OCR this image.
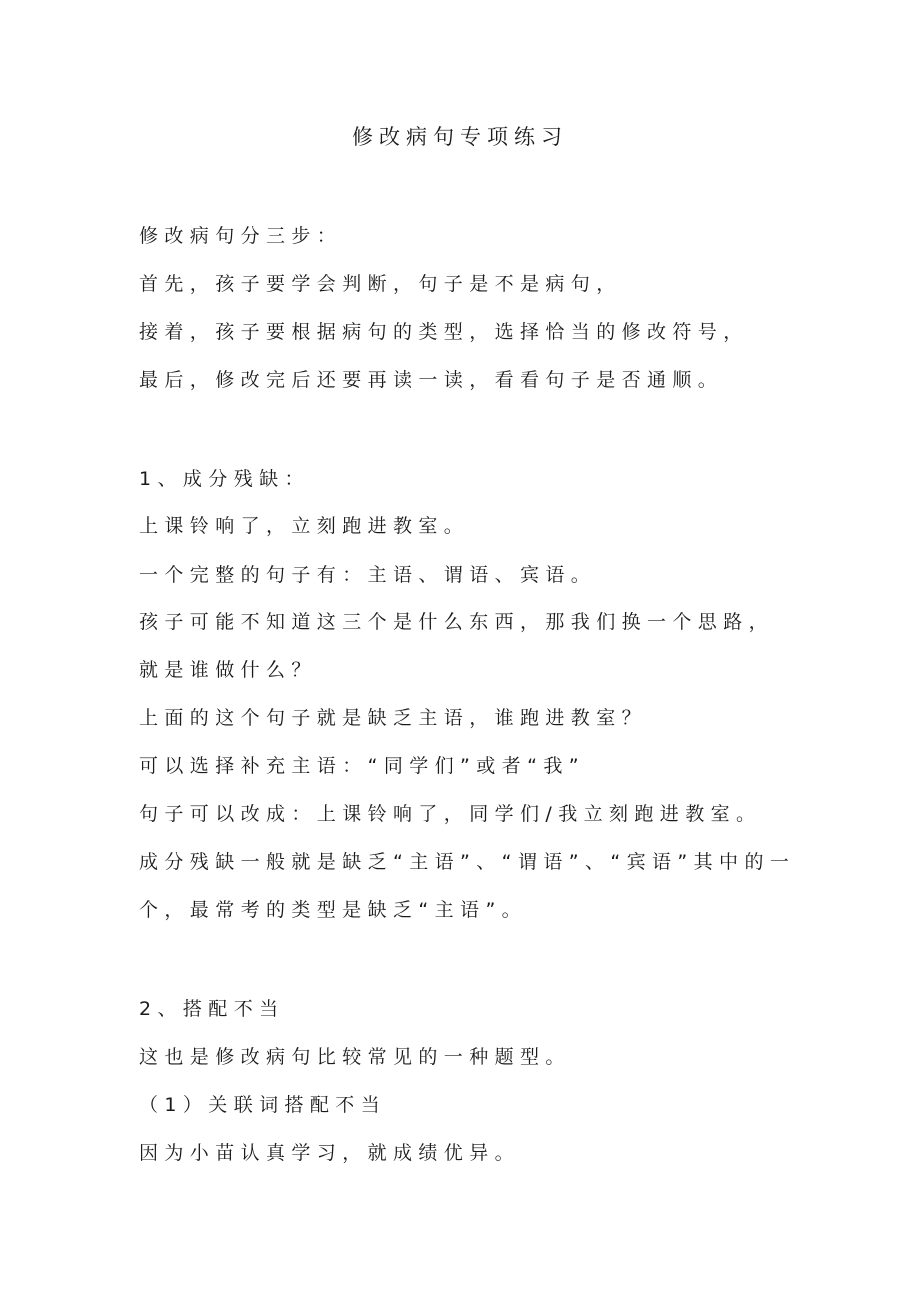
修改病句专项练习
修改病句分三步：
首先，孩子要学会判断，句子是不是病句，
接着，孩子要根据病句的类型，选择恰当的修改符号，
最后，修改完后还要再读一读，看看句子是否通顺。
1、成分残缺：
上课铃响了，立刻跑进教室。
一个完整的句子有：主语、谓语、宾语。
孩子可能不知道这三个是什么东西，那我们换一个思路，
就是谁做什么？
上面的这个句子就是缺乏主语，谁跑进教室？
可以选择补充主语：“同学们”或者“我”
句子可以改成：上课铃响了，同学们/我立刻跑进教室。
成分残缺一般就是缺乏“主语”、“谓语”、“宾语”其中的一
个，最常考的类型是缺乏“主语”。
2、搭配不当
这也是修改病句比较常见的一种题型。
（1）关联词搭配不当
因为小苗认真学习，就成绩优异。
